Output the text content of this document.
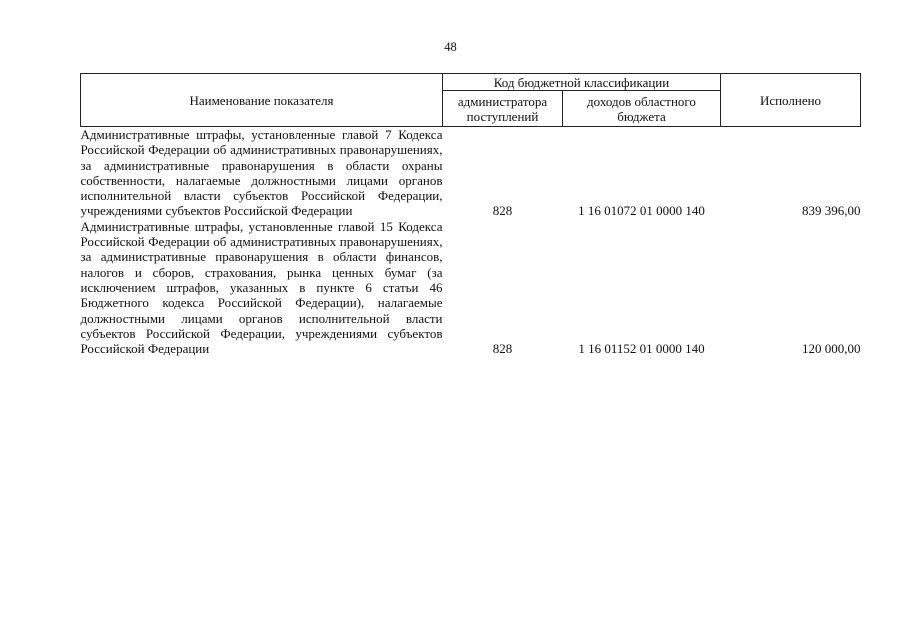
48
Наименование показателя	Код бюджетной классификации		Исполнено
	администратора поступлений	доходов областного бюджета	
Административные штрафы, установленные главой 7 Кодекса Российской Федерации об административных правонарушениях, за административные правонарушения в области охраны собственности, налагаемые должностными лицами органов исполнительной власти субъектов Российской Федерации, учреждениями субъектов Российской Федерации	828	1 16 01072 01 0000 140	839 396,00
Административные штрафы, установленные главой 15 Кодекса Российской Федерации об административных правонарушениях, за административные правонарушения в области финансов, налогов и сборов, страхования, рынка ценных бумаг (за исключением штрафов, указанных в пункте 6 статьи 46 Бюджетного кодекса Российской Федерации), налагаемые должностными лицами органов исполнительной власти субъектов Российской Федерации, учреждениями субъектов Российской Федерации	828	1 16 01152 01 0000 140	120 000,00
